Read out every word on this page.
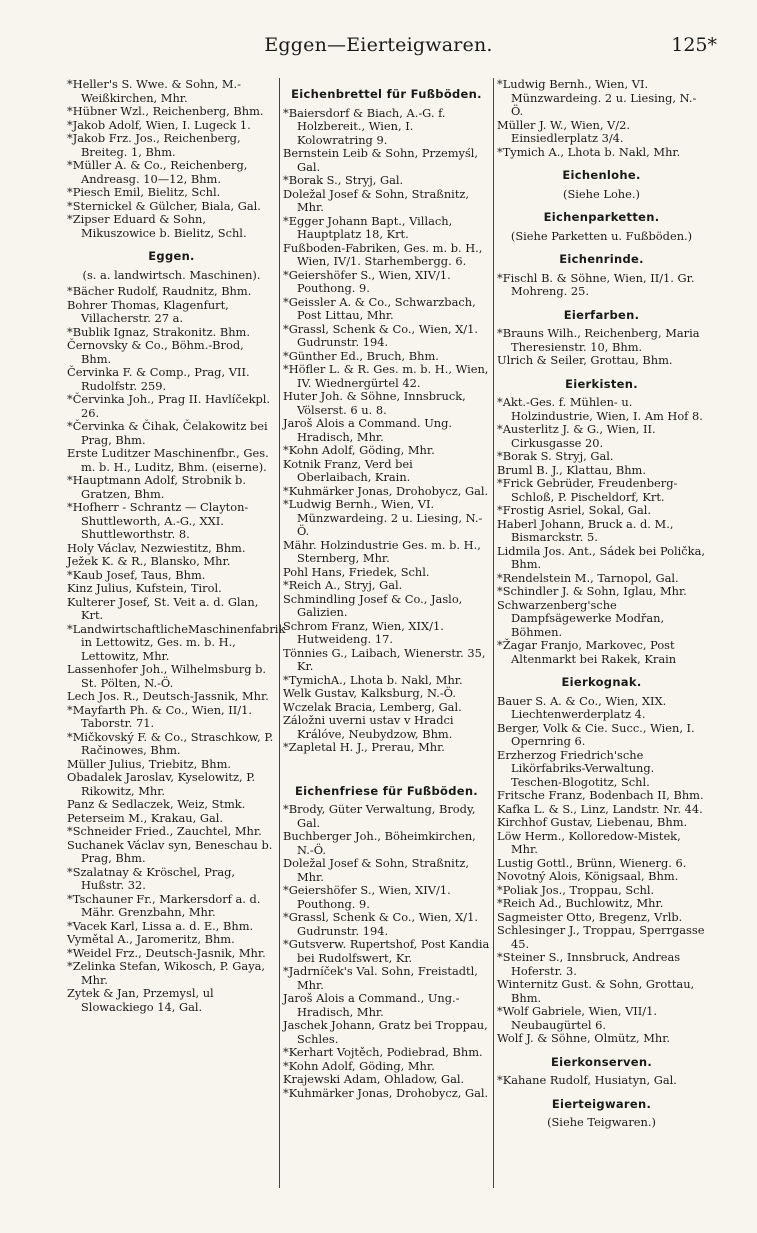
Eggen—Eierteigwaren.	125*
*Heller's S. Wwe. & Sohn, M.-Weißkirchen, Mhr.
*Hübner Wzl., Reichenberg, Bhm.
*Jakob Adolf, Wien, I. Lugeck 1.
*Jakob Frz. Jos., Reichenberg, Breiteg. 1, Bhm.
*Müller A. & Co., Reichenberg, Andreasg. 10—12, Bhm.
*Piesch Emil, Bielitz, Schl.
*Sternickel & Gülcher, Biala, Gal.
*Zipser Eduard & Sohn, Mikuszowice b. Bielitz, Schl.
Eggen.
(s. a. landwirtsch. Maschinen).
*Bächer Rudolf, Raudnitz, Bhm.
Bohrer Thomas, Klagenfurt, Villacherstr. 27 a.
*Bublik Ignaz, Strakonitz. Bhm.
Černovsky & Co., Böhm.-Brod, Bhm.
Červinka F. & Comp., Prag, VII. Rudolfstr. 259.
*Červinka Joh., Prag II. Havlíčekpl. 26.
*Červinka & Čihak, Čelakowitz bei Prag, Bhm.
Erste Luditzer Maschinenfbr., Ges. m. b. H., Luditz, Bhm. (eiserne).
*Hauptmann Adolf, Strobnik b. Gratzen, Bhm.
*Hofherr - Schrantz — Clayton-Shuttleworth, A.-G., XXI. Shuttleworthstr. 8.
Holy Václav, Nezwiestitz, Bhm.
Ježek K. & R., Blansko, Mhr.
*Kaub Josef, Taus, Bhm.
Kinz Julius, Kufstein, Tirol.
Kulterer Josef, St. Veit a. d. Glan, Krt.
*LandwirtschaftlicheMaschinenfabrik in Lettowitz, Ges. m. b. H., Lettowitz, Mhr.
Lassenhofer Joh., Wilhelmsburg b. St. Pölten, N.-Ö.
Lech Jos. R., Deutsch-Jassnik, Mhr.
*Mayfarth Ph. & Co., Wien, II/1. Taborstr. 71.
*Mičkovský F. & Co., Straschkow, P. Račinowes, Bhm.
Müller Julius, Triebitz, Bhm.
Obadalek Jaroslav, Kyselowitz, P. Rikowitz, Mhr.
Panz & Sedlaczek, Weiz, Stmk.
Peterseim M., Krakau, Gal.
*Schneider Fried., Zauchtel, Mhr.
Suchanek Václav syn, Beneschau b. Prag, Bhm.
*Szalatnay & Kröschel, Prag, Hußstr. 32.
*Tschauner Fr., Markersdorf a. d. Mähr. Grenzbahn, Mhr.
*Vacek Karl, Lissa a. d. E., Bhm.
Vymětal A., Jaromeritz, Bhm.
*Weidel Frz., Deutsch-Jasnik, Mhr.
*Zelinka Stefan, Wikosch, P. Gaya, Mhr.
Zytek & Jan, Przemysl, ul Slowackiego 14, Gal.
Eichenbrettel für Fußböden.
*Baiersdorf & Biach, A.-G. f. Holzbereit., Wien, I. Kolowratring 9.
Bernstein Leib & Sohn, Przemyśl, Gal.
*Borak S., Stryj, Gal.
Doležal Josef & Sohn, Straßnitz, Mhr.
*Egger Johann Bapt., Villach, Hauptplatz 18, Krt.
Fußboden-Fabriken, Ges. m. b. H., Wien, IV/1. Starhembergg. 6.
*Geiershöfer S., Wien, XIV/1. Pouthong. 9.
*Geissler A. & Co., Schwarzbach, Post Littau, Mhr.
*Grassl, Schenk & Co., Wien, X/1. Gudrunstr. 194.
*Günther Ed., Bruch, Bhm.
*Höfler L. & R. Ges. m. b. H., Wien, IV. Wiednergürtel 42.
Huter Joh. & Söhne, Innsbruck, Völserst. 6 u. 8.
Jaroš Alois a Command. Ung. Hradisch, Mhr.
*Kohn Adolf, Göding, Mhr.
Kotnik Franz, Verd bei Oberlaibach, Krain.
*Kuhmärker Jonas, Drohobycz, Gal.
*Ludwig Bernh., Wien, VI. Münzwardeing. 2 u. Liesing, N.-Ö.
Mähr. Holzindustrie Ges. m. b. H., Sternberg, Mhr.
Pohl Hans, Friedek, Schl.
*Reich A., Stryj, Gal.
Schmindling Josef & Co., Jaslo, Galizien.
Schrom Franz, Wien, XIX/1. Hutweideng. 17.
Tönnies G., Laibach, Wienerstr. 35, Kr.
*TymichA., Lhota b. Nakl, Mhr.
Welk Gustav, Kalksburg, N.-Ö.
Wczelak Bracia, Lemberg, Gal.
Záložni uverni ustav v Hradci Králóve, Neubydzow, Bhm.
*Zapletal H. J., Prerau, Mhr.
Eichenfriese für Fußböden.
*Brody, Güter Verwaltung, Brody, Gal.
Buchberger Joh., Böheimkirchen, N.-Ö.
Doležal Josef & Sohn, Straßnitz, Mhr.
*Geiershöfer S., Wien, XIV/1. Pouthong. 9.
*Grassl, Schenk & Co., Wien, X/1. Gudrunstr. 194.
*Gutsverw. Rupertshof, Post Kandia bei Rudolfswert, Kr.
*Jadrníček's Val. Sohn, Freistadtl, Mhr.
Jaroš Alois a Command., Ung.-Hradisch, Mhr.
Jaschek Johann, Gratz bei Troppau, Schles.
*Kerhart Vojtěch, Podiebrad, Bhm.
*Kohn Adolf, Göding, Mhr.
Krajewski Adam, Ohladow, Gal.
*Kuhmärker Jonas, Drohobycz, Gal.
*Ludwig Bernh., Wien, VI. Münzwardeing. 2 u. Liesing, N.-Ö.
Müller J. W., Wien, V/2. Einsiedlerplatz 3/4.
*Tymich A., Lhota b. Nakl, Mhr.
Eichenlohe.
(Siehe Lohe.)
Eichenparketten.
(Siehe Parketten u. Fußböden.)
Eichenrinde.
*Fischl B. & Söhne, Wien, II/1. Gr. Mohreng. 25.
Eierfarben.
*Brauns Wilh., Reichenberg, Maria Theresienstr. 10, Bhm.
Ulrich & Seiler, Grottau, Bhm.
Eierkisten.
*Akt.-Ges. f. Mühlen- u. Holzindustrie, Wien, I. Am Hof 8.
*Austerlitz J. & G., Wien, II. Cirkusgasse 20.
*Borak S. Stryj, Gal.
Bruml B. J., Klattau, Bhm.
*Frick Gebrüder, Freudenberg-Schloß, P. Pischeldorf, Krt.
*Frostig Asriel, Sokal, Gal.
Haberl Johann, Bruck a. d. M., Bismarckstr. 5.
Lidmila Jos. Ant., Sádek bei Polička, Bhm.
*Rendelstein M., Tarnopol, Gal.
*Schindler J. & Sohn, Iglau, Mhr.
Schwarzenberg'sche Dampfsägewerke Modřan, Böhmen.
*Žagar Franjo, Markovec, Post Altenmarkt bei Rakek, Krain
Eierkognak.
Bauer S. A. & Co., Wien, XIX. Liechtenwerderplatz 4.
Berger, Volk & Cie. Succ., Wien, I. Opernring 6.
Erzherzog Friedrich'sche Likörfabriks-Verwaltung. Teschen-Blogotitz, Schl.
Fritsche Franz, Bodenbach II, Bhm.
Kafka L. & S., Linz, Landstr. Nr. 44.
Kirchhof Gustav, Liebenau, Bhm.
Löw Herm., Kolloredow-Mistek, Mhr.
Lustig Gottl., Brünn, Wienerg. 6.
Novotný Alois, Königsaal, Bhm.
*Poliak Jos., Troppau, Schl.
*Reich Ad., Buchlowitz, Mhr.
Sagmeister Otto, Bregenz, Vrlb.
Schlesinger J., Troppau, Sperrgasse 45.
*Steiner S., Innsbruck, Andreas Hoferstr. 3.
Winternitz Gust. & Sohn, Grottau, Bhm.
*Wolf Gabriele, Wien, VII/1. Neubaugürtel 6.
Wolf J. & Söhne, Olmütz, Mhr.
Eierkonserven.
*Kahane Rudolf, Husiatyn, Gal.
Eierteigwaren.
(Siehe Teigwaren.)
